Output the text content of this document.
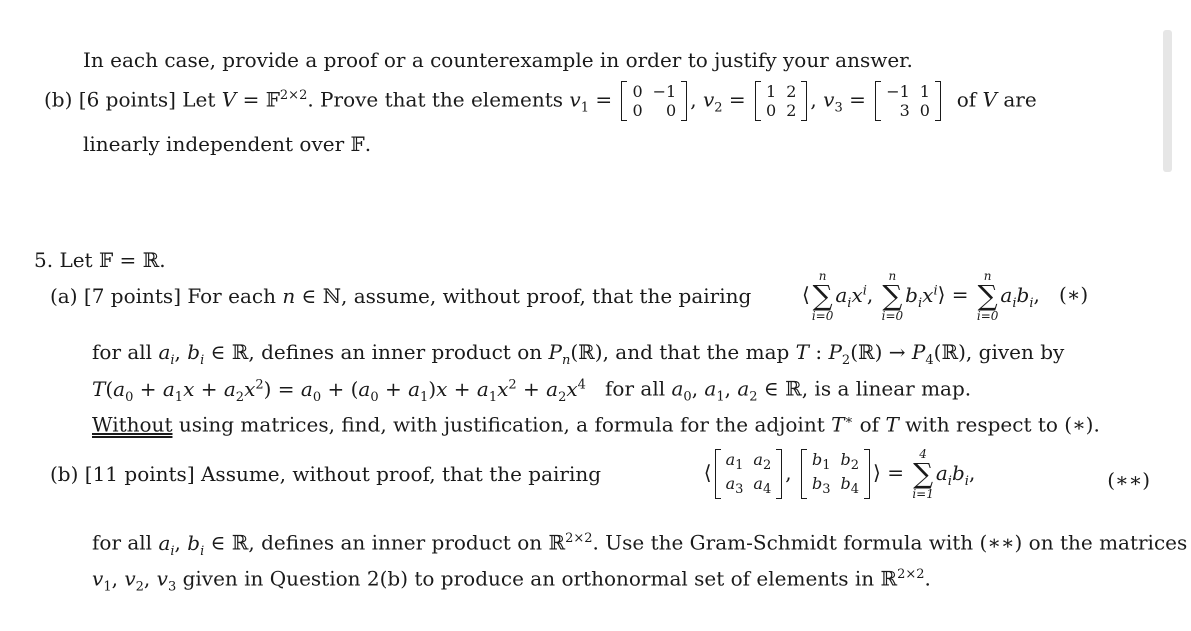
In each case, provide a proof or a counterexample in order to justify your answer.
(b) [6 points] Let V = 𝔽$^{2\times 2}$. Prove that the elements $v_1 = 0$	−1
0	0 , $v_2 = 1$	2
0	2 , $v_3 = -1$	1
3	0 of V are
linearly independent over 𝔽.
5. Let 𝔽 = ℝ.
(a) [7 points] For each n ∈ ℕ, assume, without proof, that the pairing	⟨
n
∑
i=0
$a_ix^i$,
n
∑
i=0
$b_ix^i⟩$ =
n
∑
i=0
$a_ib_i$,   (∗)
for all $a_i$, $b_i$ ∈ ℝ, defines an inner product on $P_n(ℝ)$, and that the map T : $P_2(ℝ)$ → $P_4(ℝ)$, given by
$T(a_0 + a_1x + a_2x^2) = a_0 + (a_0 + a_1)x + a_1x^2 + a_2x^4$ for all $a_0$, $a_1$, $a_2$ ∈ ℝ, is a linear map.
Without using matrices, find, with justification, a formula for the adjoint T∗ of T with respect to (∗).
(b) [11 points] Assume, without proof, that the pairing	⟨
$a_1$	$a_2$
$a_3$	$a_4$
,
$b_1$	$b_2$
$b_3$	$b_4$
⟩ =
4
∑
i=1
$a_ib_i$,	(∗∗)
for all $a_i$, $b_i$ ∈ ℝ, defines an inner product on ℝ$^{2\times 2}$. Use the Gram-Schmidt formula with (∗∗) on the matrices
$v_1$, $v_2$, $v_3$ given in Question 2(b) to produce an orthonormal set of elements in ℝ$^{2\times 2}$.
